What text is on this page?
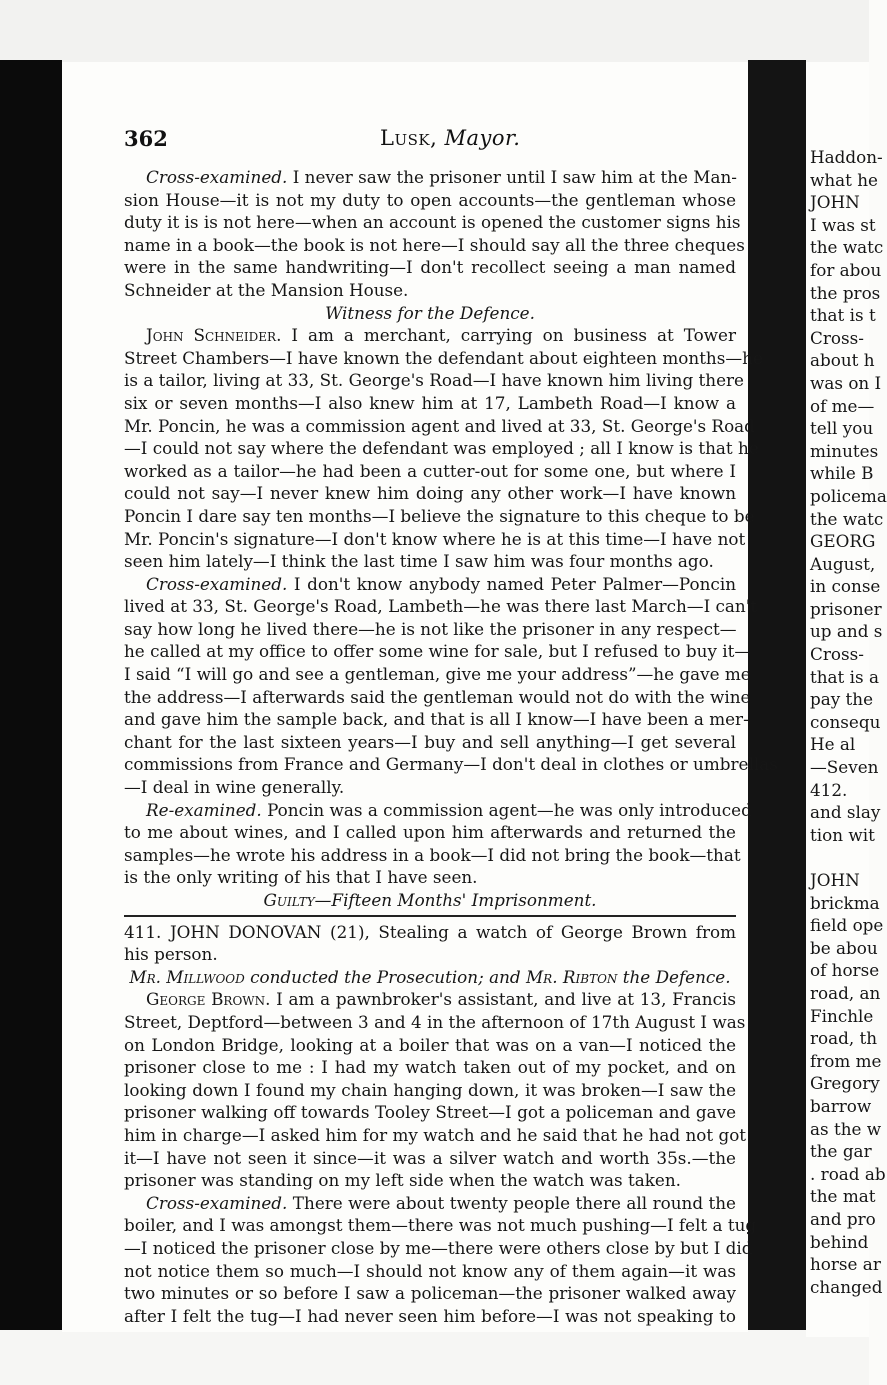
362	Lusk, Mayor.
Cross-examined. I never saw the prisoner until I saw him at the Man-
sion House—it is not my duty to open accounts—the gentleman whose
duty it is is not here—when an account is opened the customer signs his
name in a book—the book is not here—I should say all the three cheques
were in the same handwriting—I don't recollect seeing a man named
Schneider at the Mansion House.
Witness for the Defence.
John Schneider. I am a merchant, carrying on business at Tower
Street Chambers—I have known the defendant about eighteen months—he
is a tailor, living at 33, St. George's Road—I have known him living there
six or seven months—I also knew him at 17, Lambeth Road—I know a
Mr. Poncin, he was a commission agent and lived at 33, St. George's Road
—I could not say where the defendant was employed ; all I know is that he
worked as a tailor—he had been a cutter-out for some one, but where I
could not say—I never knew him doing any other work—I have known
Poncin I dare say ten months—I believe the signature to this cheque to be
Mr. Poncin's signature—I don't know where he is at this time—I have not
seen him lately—I think the last time I saw him was four months ago.
Cross-examined. I don't know anybody named Peter Palmer—Poncin
lived at 33, St. George's Road, Lambeth—he was there last March—I can't
say how long he lived there—he is not like the prisoner in any respect—
he called at my office to offer some wine for sale, but I refused to buy it—
I said “I will go and see a gentleman, give me your address”—he gave me
the address—I afterwards said the gentleman would not do with the wine
and gave him the sample back, and that is all I know—I have been a mer-
chant for the last sixteen years—I buy and sell anything—I get several
commissions from France and Germany—I don't deal in clothes or umbrellas
—I deal in wine generally.
Re-examined. Poncin was a commission agent—he was only introduced
to me about wines, and I called upon him afterwards and returned the
samples—he wrote his address in a book—I did not bring the book—that
is the only writing of his that I have seen.
Guilty—Fifteen Months' Imprisonment.
411. JOHN DONOVAN (21), Stealing a watch of George Brown from
his person.
Mr. Millwood conducted the Prosecution; and Mr. Ribton the Defence.
George Brown. I am a pawnbroker's assistant, and live at 13, Francis
Street, Deptford—between 3 and 4 in the afternoon of 17th August I was
on London Bridge, looking at a boiler that was on a van—I noticed the
prisoner close to me : I had my watch taken out of my pocket, and on
looking down I found my chain hanging down, it was broken—I saw the
prisoner walking off towards Tooley Street—I got a policeman and gave
him in charge—I asked him for my watch and he said that he had not got
it—I have not seen it since—it was a silver watch and worth 35s.—the
prisoner was standing on my left side when the watch was taken.
Cross-examined. There were about twenty people there all round the
boiler, and I was amongst them—there was not much pushing—I felt a tug
—I noticed the prisoner close by me—there were others close by but I did
not notice them so much—I should not know any of them again—it was
two minutes or so before I saw a policeman—the prisoner walked away
after I felt the tug—I had never seen him before—I was not speaking to
Haddon-
what he
JOHN
I was st
the watc
for abou
the pros
that is t
Cross-
about h
was on I
of me—
tell you
minutes
while B
policema
the watc
GEORG
August,
in conse
prisoner
up and s
Cross-
that is a
pay the
consequ
He al
—Seven
412.
and slay
tion wit
JOHN
brickma
field ope
be abou
of horse
road, an
Finchle
road, th
from me
Gregory
barrow
as the w
the gar
. road ab
the mat
and pro
behind
horse ar
changed
